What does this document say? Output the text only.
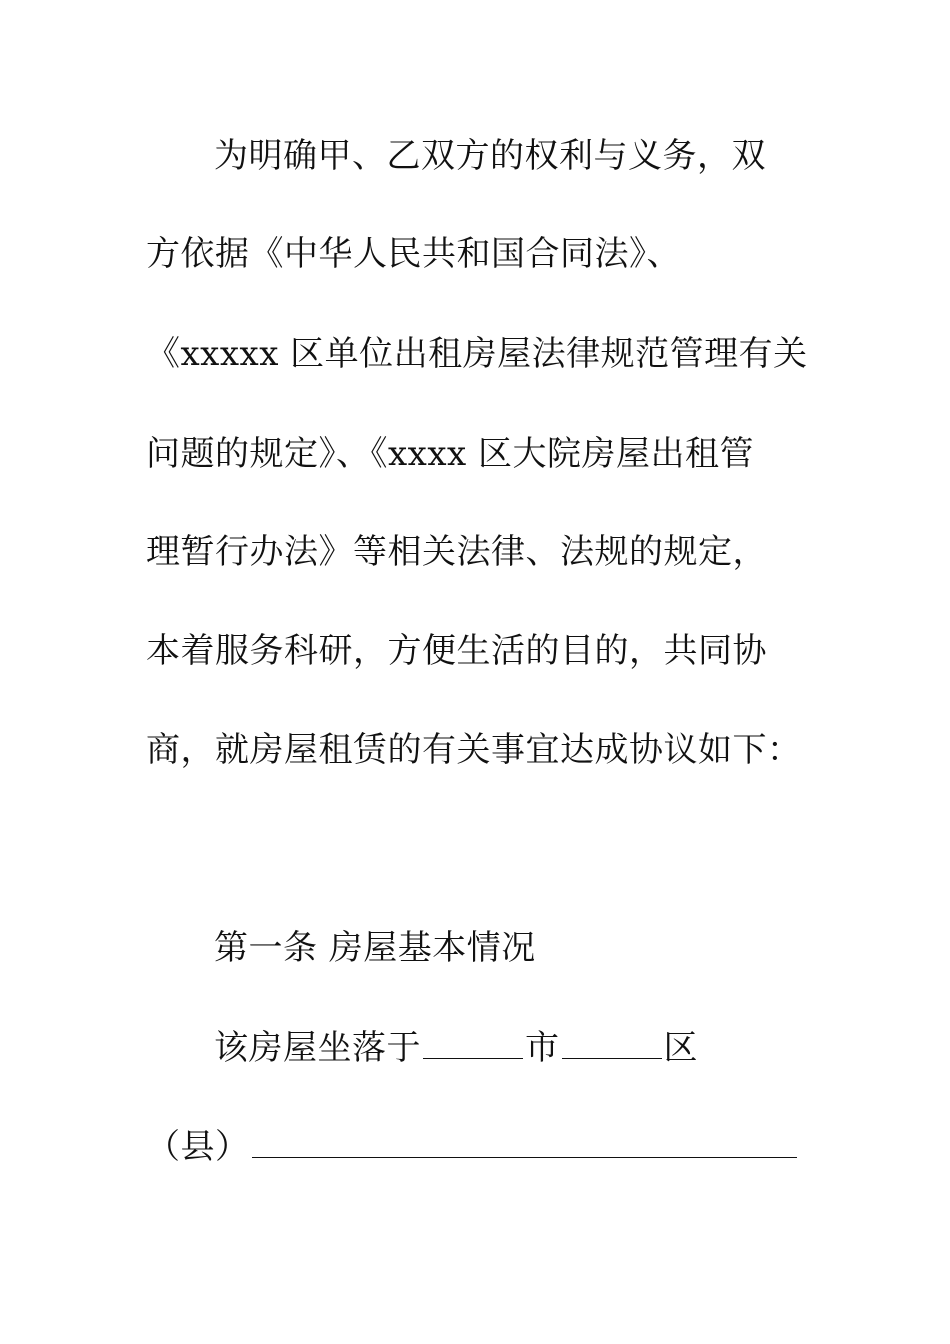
为明确甲、乙双方的权利与义务，双
方依据《中华人民共和国合同法》、
《xxxxx 区单位出租房屋法律规范管理有关
问题的规定》、《xxxx 区大院房屋出租管
理暂行办法》等相关法律、法规的规定，
本着服务科研，方便生活的目的，共同协
商，就房屋租赁的有关事宜达成协议如下：
第一条 房屋基本情况
该房屋坐落于	市	区
（县）
